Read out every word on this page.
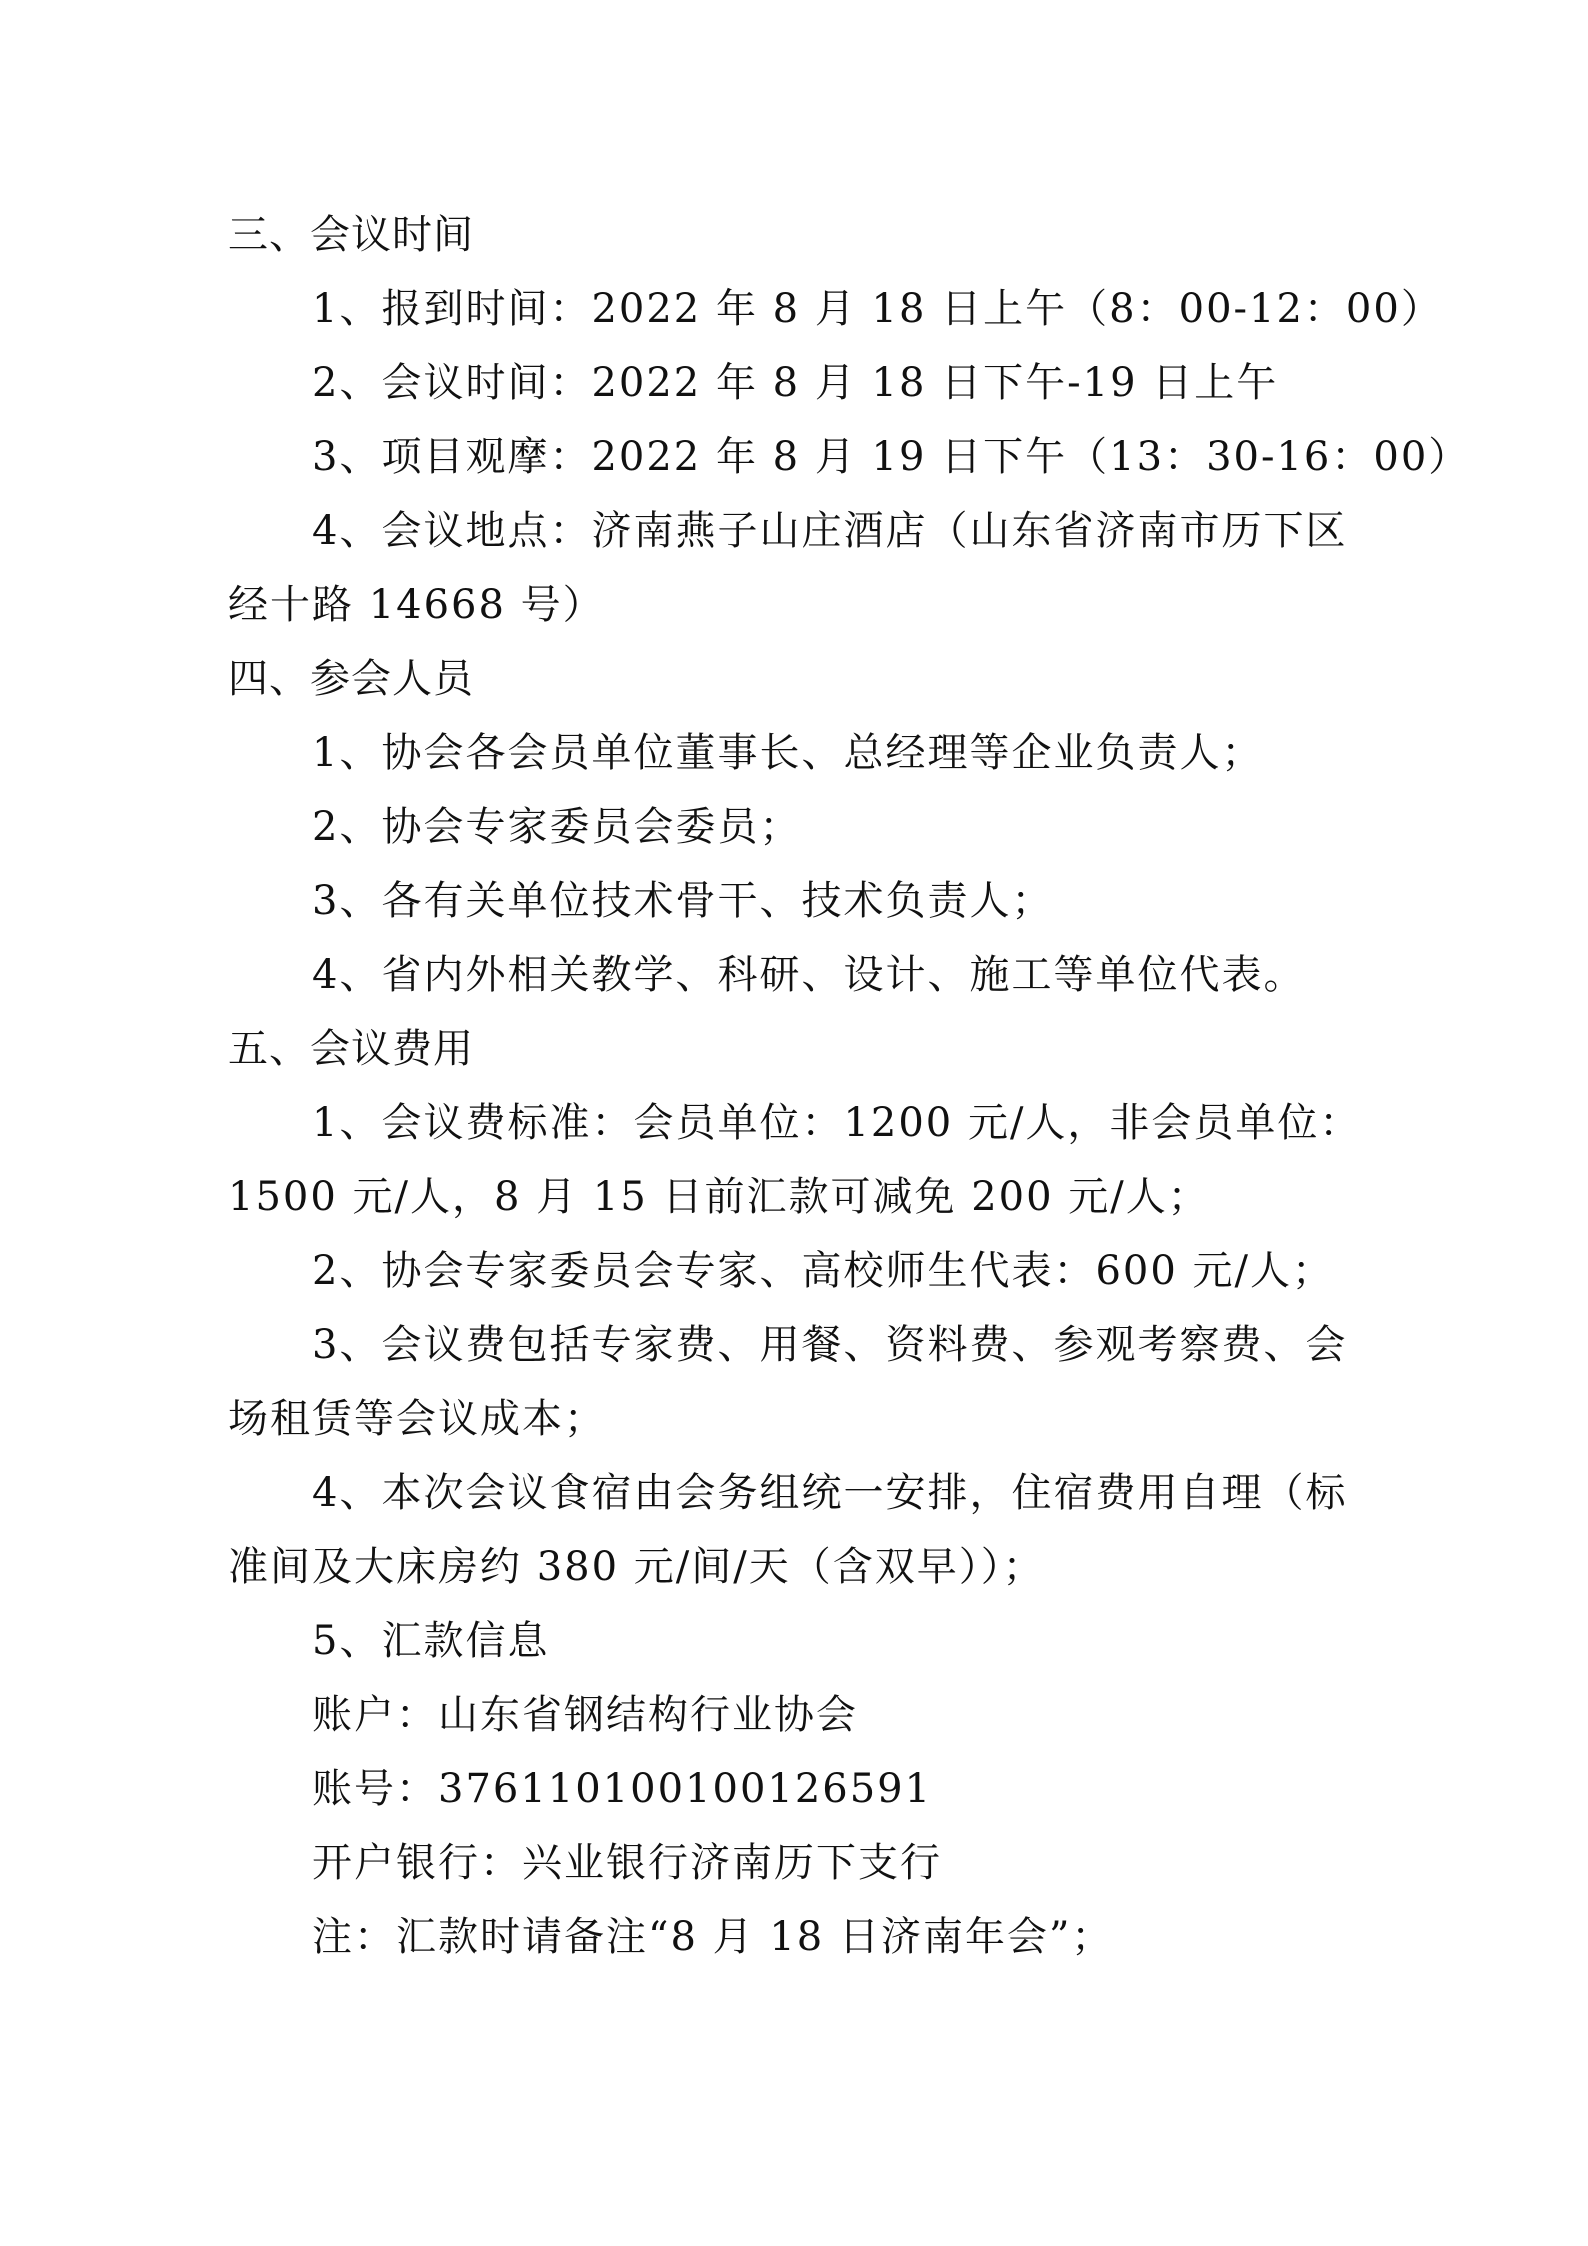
三、会议时间
1、报到时间：2022 年 8 月 18 日上午（8：00-12：00）
2、会议时间：2022 年 8 月 18 日下午-19 日上午
3、项目观摩：2022 年 8 月 19 日下午（13：30-16：00）
4、会议地点：济南燕子山庄酒店（山东省济南市历下区
经十路 14668 号）
四、参会人员
1、协会各会员单位董事长、总经理等企业负责人；
2、协会专家委员会委员；
3、各有关单位技术骨干、技术负责人；
4、省内外相关教学、科研、设计、施工等单位代表。
五、会议费用
1、会议费标准：会员单位：1200 元/人，非会员单位：
1500 元/人，8 月 15 日前汇款可减免 200 元/人；
2、协会专家委员会专家、高校师生代表：600 元/人；
3、会议费包括专家费、用餐、资料费、参观考察费、会
场租赁等会议成本；
4、本次会议食宿由会务组统一安排，住宿费用自理（标
准间及大床房约 380 元/间/天（含双早））；
5、汇款信息
账户：山东省钢结构行业协会
账号：376110100100126591
开户银行：兴业银行济南历下支行
注：汇款时请备注“8 月 18 日济南年会”；
